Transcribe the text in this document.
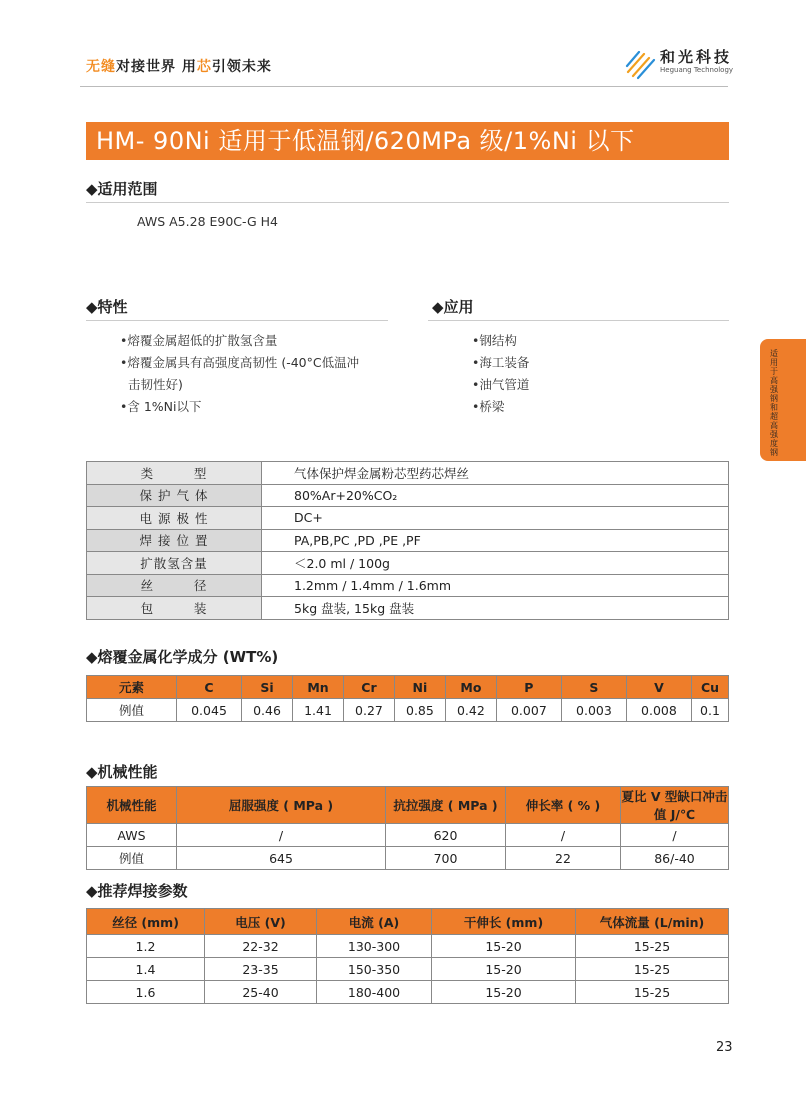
无缝对接世界 用芯引领未来
和光科技
Heguang Technology
HM- 90Ni 适用于低温钢/620MPa 级/1%Ni 以下
◆适用范围
AWS A5.28 E90C-G H4
◆特性
•熔覆金属超低的扩散氢含量
•熔覆金属具有高强度高韧性 (-40°C低温冲
击韧性好)
•含 1%Ni以下
◆应用
•钢结构
•海工装备
•油气管道
•桥梁
适用于高强钢和超高强度钢
类        型	气体保护焊金属粉芯型药芯焊丝
保 护 气 体	80%Ar+20%CO₂
电 源 极 性	DC+
焊 接 位 置	PA,PB,PC ,PD ,PE ,PF
扩散氢含量	＜2.0 ml / 100g
丝        径	1.2mm / 1.4mm / 1.6mm
包        装	5kg 盘装, 15kg 盘装
◆熔覆金属化学成分 (WT%)
元素	C	Si	Mn	Cr	Ni	Mo	P	S	V	Cu
例值	0.045	0.46	1.41	0.27	0.85	0.42	0.007	0.003	0.008	0.1
◆机械性能
机械性能	屈服强度 ( MPa )	抗拉强度 ( MPa )	伸长率 ( % )	夏比 V 型缺口冲击值 J/℃
AWS	/	620	/	/
例值	645	700	22	86/-40
◆推荐焊接参数
丝径 (mm)	电压 (V)	电流 (A)	干伸长 (mm)	气体流量 (L/min)
1.2	22-32	130-300	15-20	15-25
1.4	23-35	150-350	15-20	15-25
1.6	25-40	180-400	15-20	15-25
23
